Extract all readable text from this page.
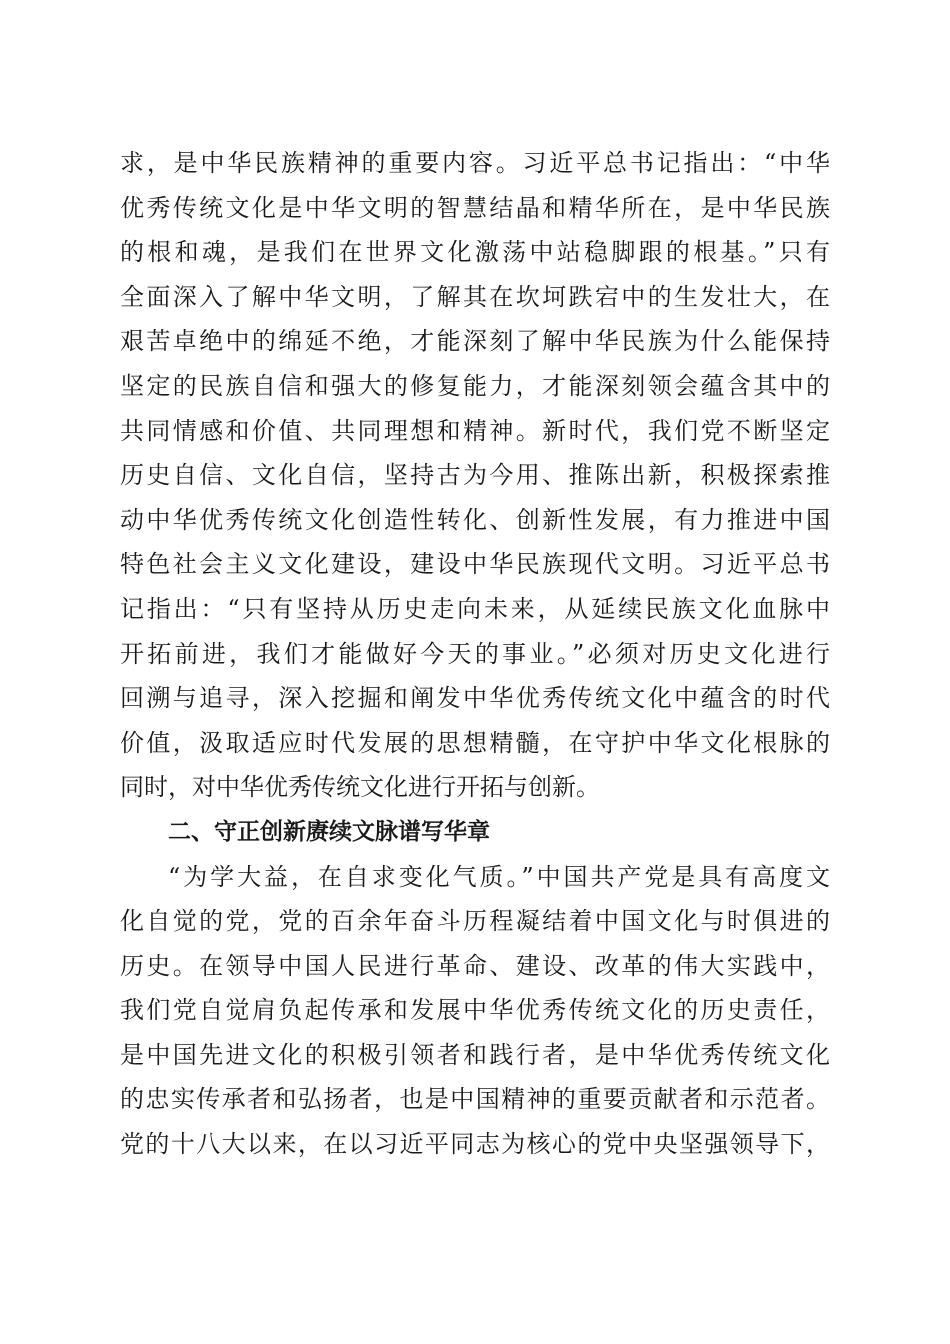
求，是中华民族精神的重要内容。习近平总书记指出：“中华
优秀传统文化是中华文明的智慧结晶和精华所在，是中华民族
的根和魂，是我们在世界文化激荡中站稳脚跟的根基。”只有
全面深入了解中华文明，了解其在坎坷跌宕中的生发壮大，在
艰苦卓绝中的绵延不绝，才能深刻了解中华民族为什么能保持
坚定的民族自信和强大的修复能力，才能深刻领会蕴含其中的
共同情感和价值、共同理想和精神。新时代，我们党不断坚定
历史自信、文化自信，坚持古为今用、推陈出新，积极探索推
动中华优秀传统文化创造性转化、创新性发展，有力推进中国
特色社会主义文化建设，建设中华民族现代文明。习近平总书
记指出：“只有坚持从历史走向未来，从延续民族文化血脉中
开拓前进，我们才能做好今天的事业。”必须对历史文化进行
回溯与追寻，深入挖掘和阐发中华优秀传统文化中蕴含的时代
价值，汲取适应时代发展的思想精髓，在守护中华文化根脉的
同时，对中华优秀传统文化进行开拓与创新。
二、守正创新赓续文脉谱写华章
“为学大益，在自求变化气质。”中国共产党是具有高度文
化自觉的党，党的百余年奋斗历程凝结着中国文化与时俱进的
历史。在领导中国人民进行革命、建设、改革的伟大实践中，
我们党自觉肩负起传承和发展中华优秀传统文化的历史责任，
是中国先进文化的积极引领者和践行者，是中华优秀传统文化
的忠实传承者和弘扬者，也是中国精神的重要贡献者和示范者。
党的十八大以来，在以习近平同志为核心的党中央坚强领导下，
